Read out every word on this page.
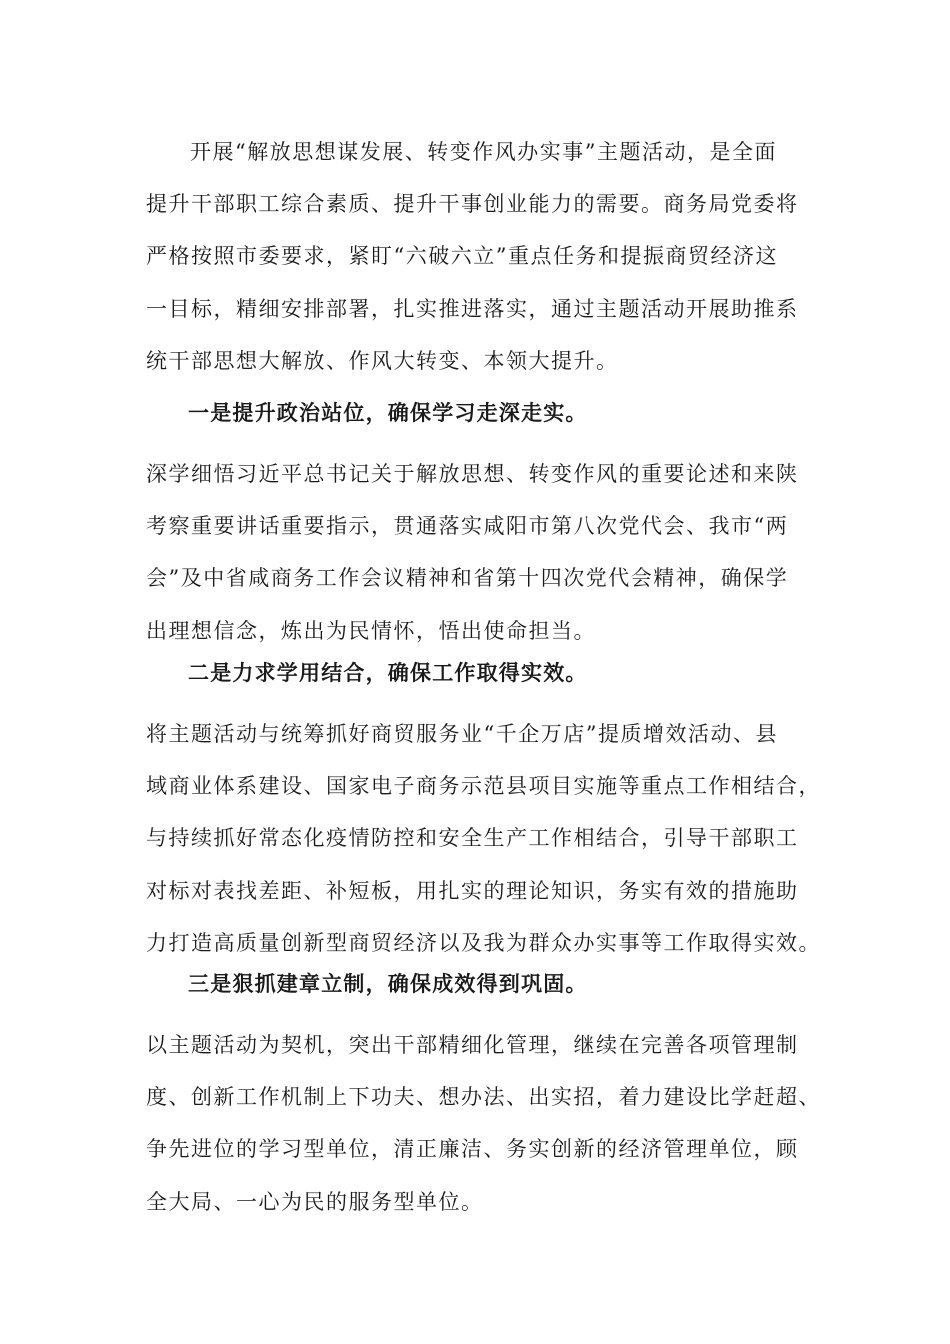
开展“解放思想谋发展、转变作风办实事”主题活动，是全面
提升干部职工综合素质、提升干事创业能力的需要。商务局党委将
严格按照市委要求，紧盯“六破六立”重点任务和提振商贸经济这
一目标，精细安排部署，扎实推进落实，通过主题活动开展助推系
统干部思想大解放、作风大转变、本领大提升。
一是提升政治站位，确保学习走深走实。
深学细悟习近平总书记关于解放思想、转变作风的重要论述和来陕
考察重要讲话重要指示，贯通落实咸阳市第八次党代会、我市“两
会”及中省咸商务工作会议精神和省第十四次党代会精神，确保学
出理想信念，炼出为民情怀，悟出使命担当。
二是力求学用结合，确保工作取得实效。
将主题活动与统筹抓好商贸服务业“千企万店”提质增效活动、县
域商业体系建设、国家电子商务示范县项目实施等重点工作相结合，
与持续抓好常态化疫情防控和安全生产工作相结合，引导干部职工
对标对表找差距、补短板，用扎实的理论知识，务实有效的措施助
力打造高质量创新型商贸经济以及我为群众办实事等工作取得实效。
三是狠抓建章立制，确保成效得到巩固。
以主题活动为契机，突出干部精细化管理，继续在完善各项管理制
度、创新工作机制上下功夫、想办法、出实招，着力建设比学赶超、
争先进位的学习型单位，清正廉洁、务实创新的经济管理单位，顾
全大局、一心为民的服务型单位。
